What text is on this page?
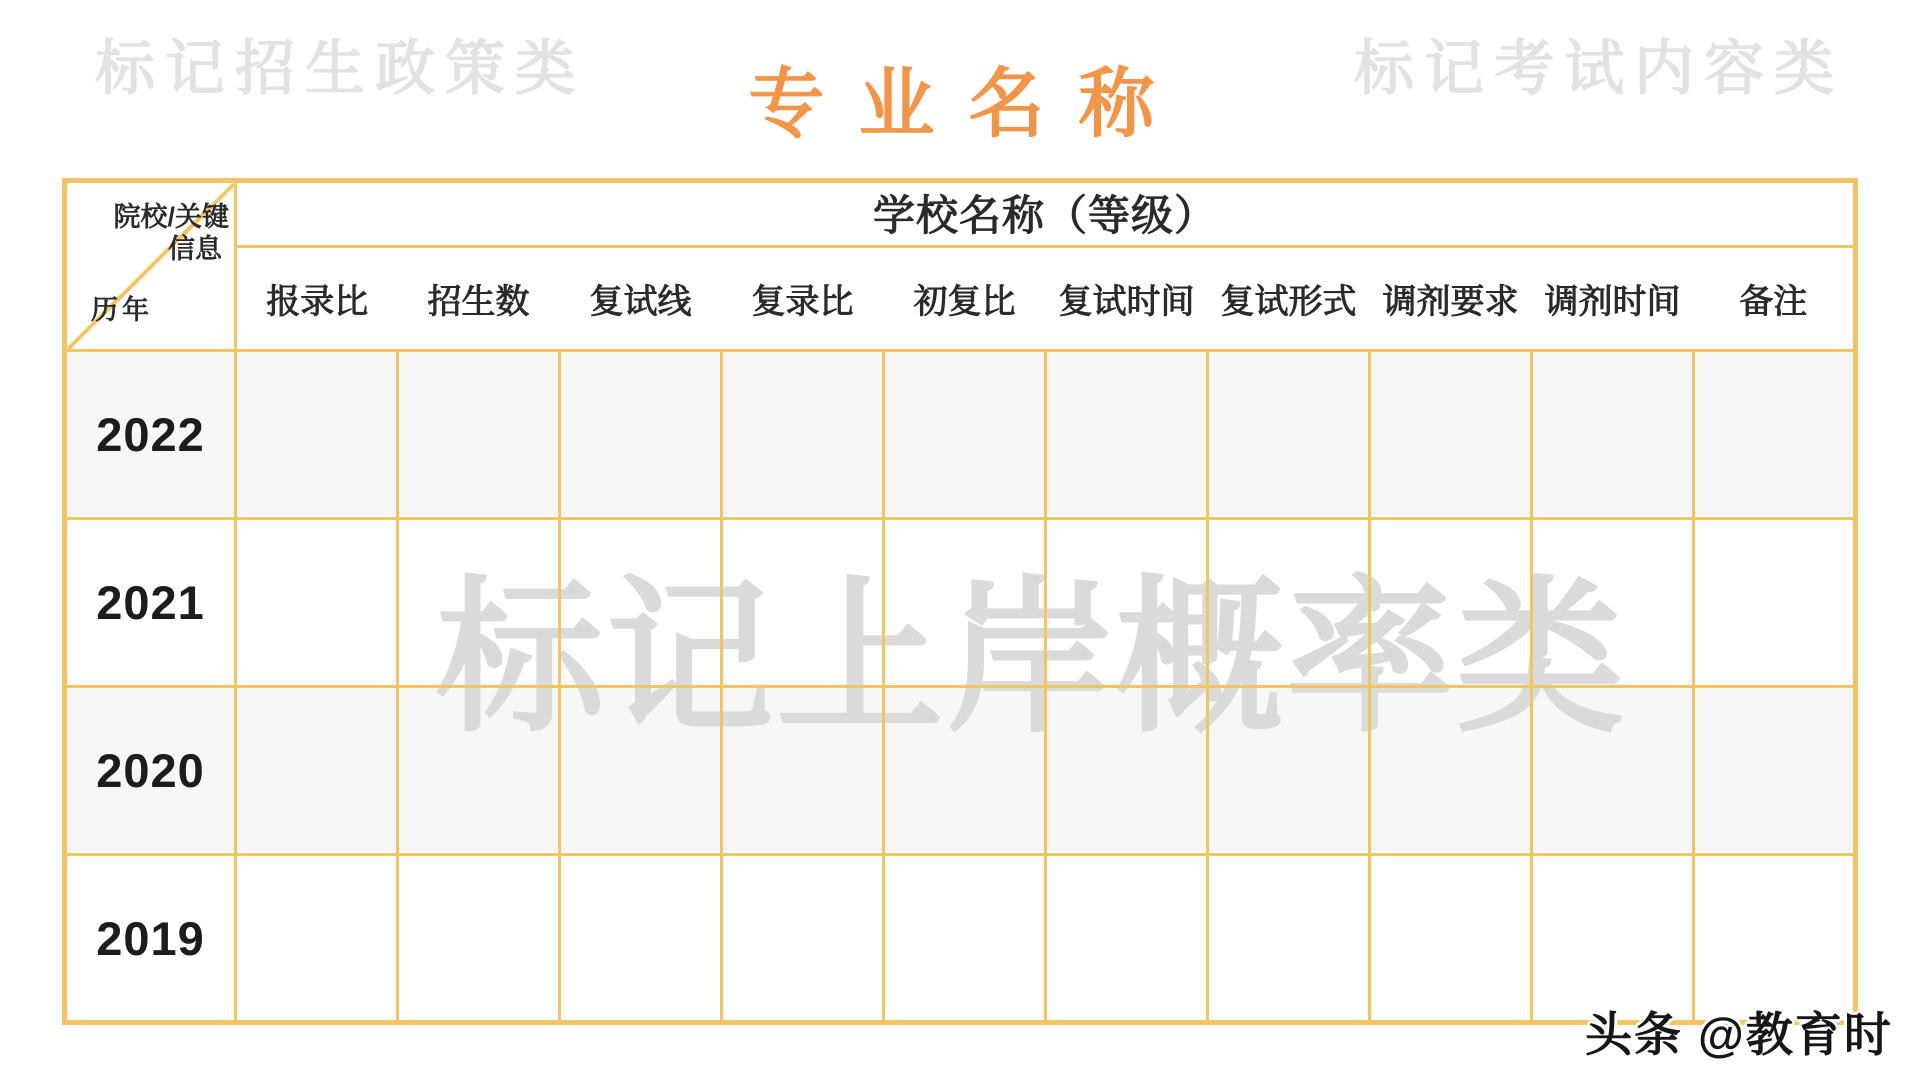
标记招生政策类 专业名称	标记考试内容类
标记上岸概率类
院校/关键
信息
历年	学校名称（等级）									
	报录比	招生数	复试线	复录比	初复比	复试时间	复试形式	调剂要求	调剂时间	备注
2022										
2021										
2020										
2019										
头条 @教育时
